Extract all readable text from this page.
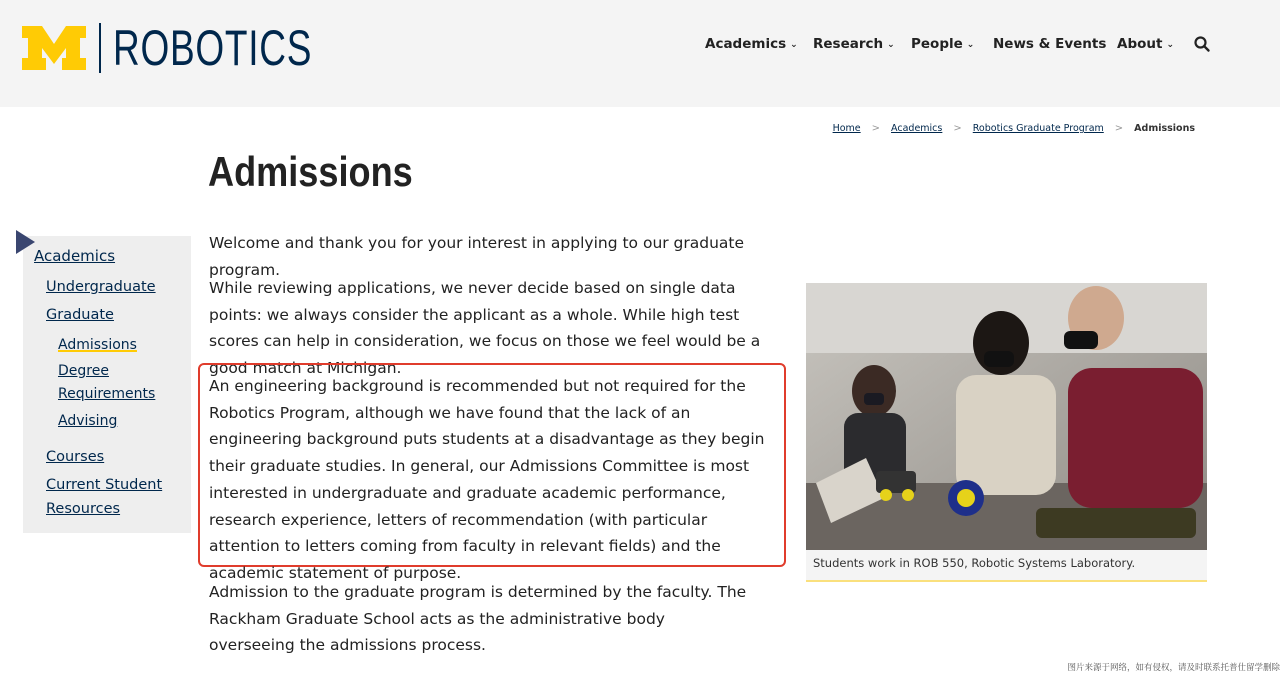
ROBOTICS	Academics ⌄ Research ⌄ People ⌄ News & Events About ⌄
Home > Academics > Robotics Graduate Program > Admissions
Admissions
Academics
Undergraduate
Graduate
Admissions
Degree
Requirements
Advising
Courses
Current Student
Resources

Welcome and thank you for your interest in applying to our graduate program.

While reviewing applications, we never decide based on single data points: we always consider the applicant as a whole. While high test scores can help in consideration, we focus on those we feel would be a good match at Michigan.

An engineering background is recommended but not required for the Robotics Program, although we have found that the lack of an engineering background puts students at a disadvantage as they begin their graduate studies. In general, our Admissions Committee is most interested in undergraduate and graduate academic performance, research experience, letters of recommendation (with particular attention to letters coming from faculty in relevant fields) and the academic statement of purpose.

Admission to the graduate program is determined by the faculty. The Rackham Graduate School acts as the administrative body overseeing the admissions process.

Students work in ROB 550, Robotic Systems Laboratory.
图片来源于网络，如有侵权，请及时联系托普仕留学删除
